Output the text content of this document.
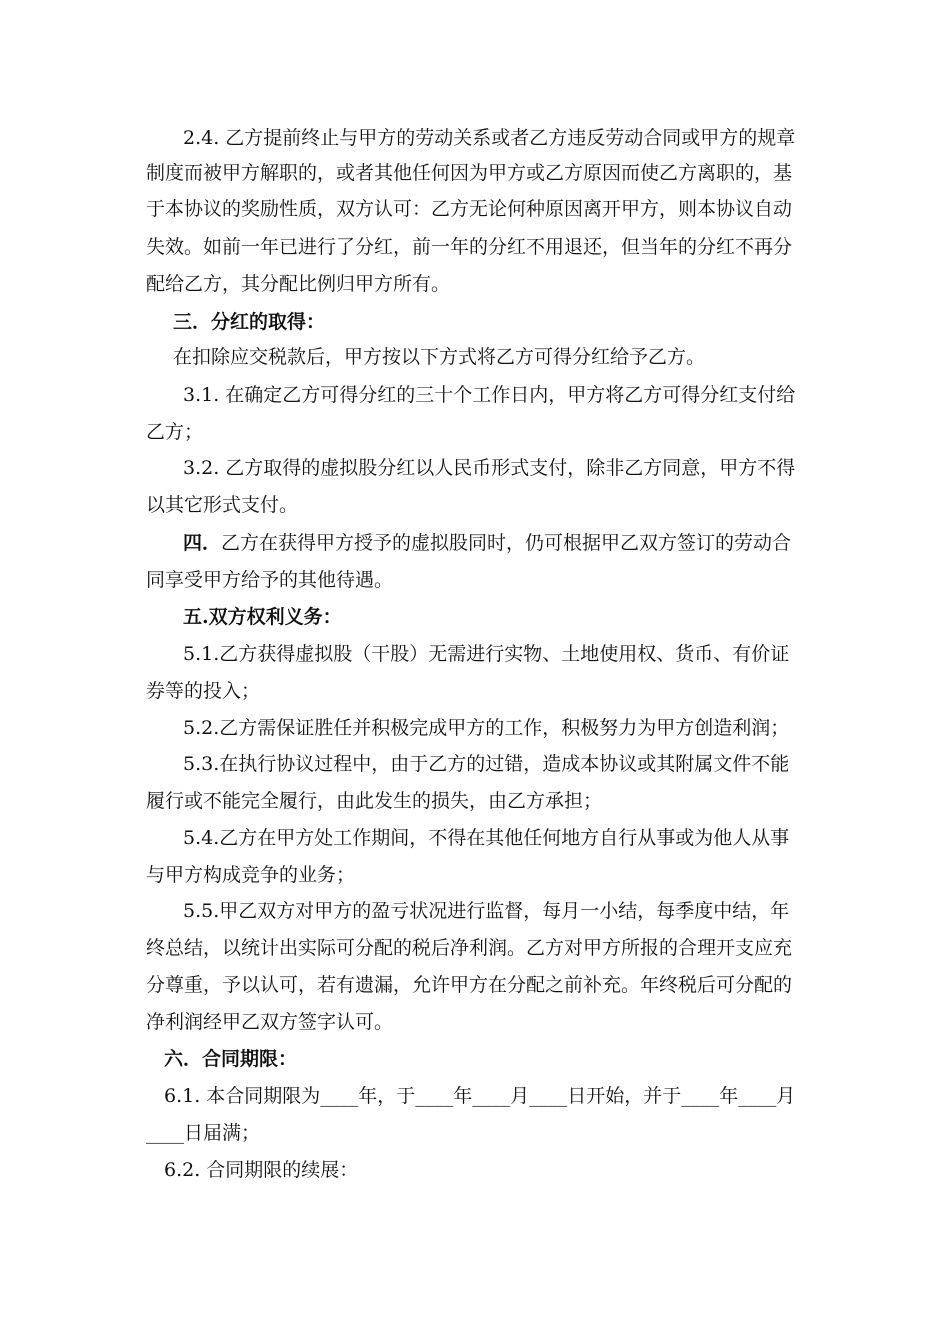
2.4. 乙方提前终止与甲方的劳动关系或者乙方违反劳动合同或甲方的规章
制度而被甲方解职的，或者其他任何因为甲方或乙方原因而使乙方离职的，基
于本协议的奖励性质，双方认可：乙方无论何种原因离开甲方，则本协议自动
失效。如前一年已进行了分红，前一年的分红不用退还，但当年的分红不再分
配给乙方，其分配比例归甲方所有。
三．分红的取得：
在扣除应交税款后，甲方按以下方式将乙方可得分红给予乙方。
3.1. 在确定乙方可得分红的三十个工作日内，甲方将乙方可得分红支付给
乙方；
3.2. 乙方取得的虚拟股分红以人民币形式支付，除非乙方同意，甲方不得
以其它形式支付。
四．乙方在获得甲方授予的虚拟股同时，仍可根据甲乙双方签订的劳动合
同享受甲方给予的其他待遇。
五.双方权利义务：
5.1.乙方获得虚拟股（干股）无需进行实物、土地使用权、货币、有价证
券等的投入；
5.2.乙方需保证胜任并积极完成甲方的工作，积极努力为甲方创造利润；
5.3.在执行协议过程中，由于乙方的过错，造成本协议或其附属文件不能
履行或不能完全履行，由此发生的损失，由乙方承担；
5.4.乙方在甲方处工作期间，不得在其他任何地方自行从事或为他人从事
与甲方构成竞争的业务；
5.5.甲乙双方对甲方的盈亏状况进行监督，每月一小结，每季度中结，年
终总结，以统计出实际可分配的税后净利润。乙方对甲方所报的合理开支应充
分尊重，予以认可，若有遗漏，允许甲方在分配之前补充。年终税后可分配的
净利润经甲乙双方签字认可。
六．合同期限：
6.1. 本合同期限为____年，于____年____月____日开始，并于____年____月
____日届满；
6.2. 合同期限的续展：
